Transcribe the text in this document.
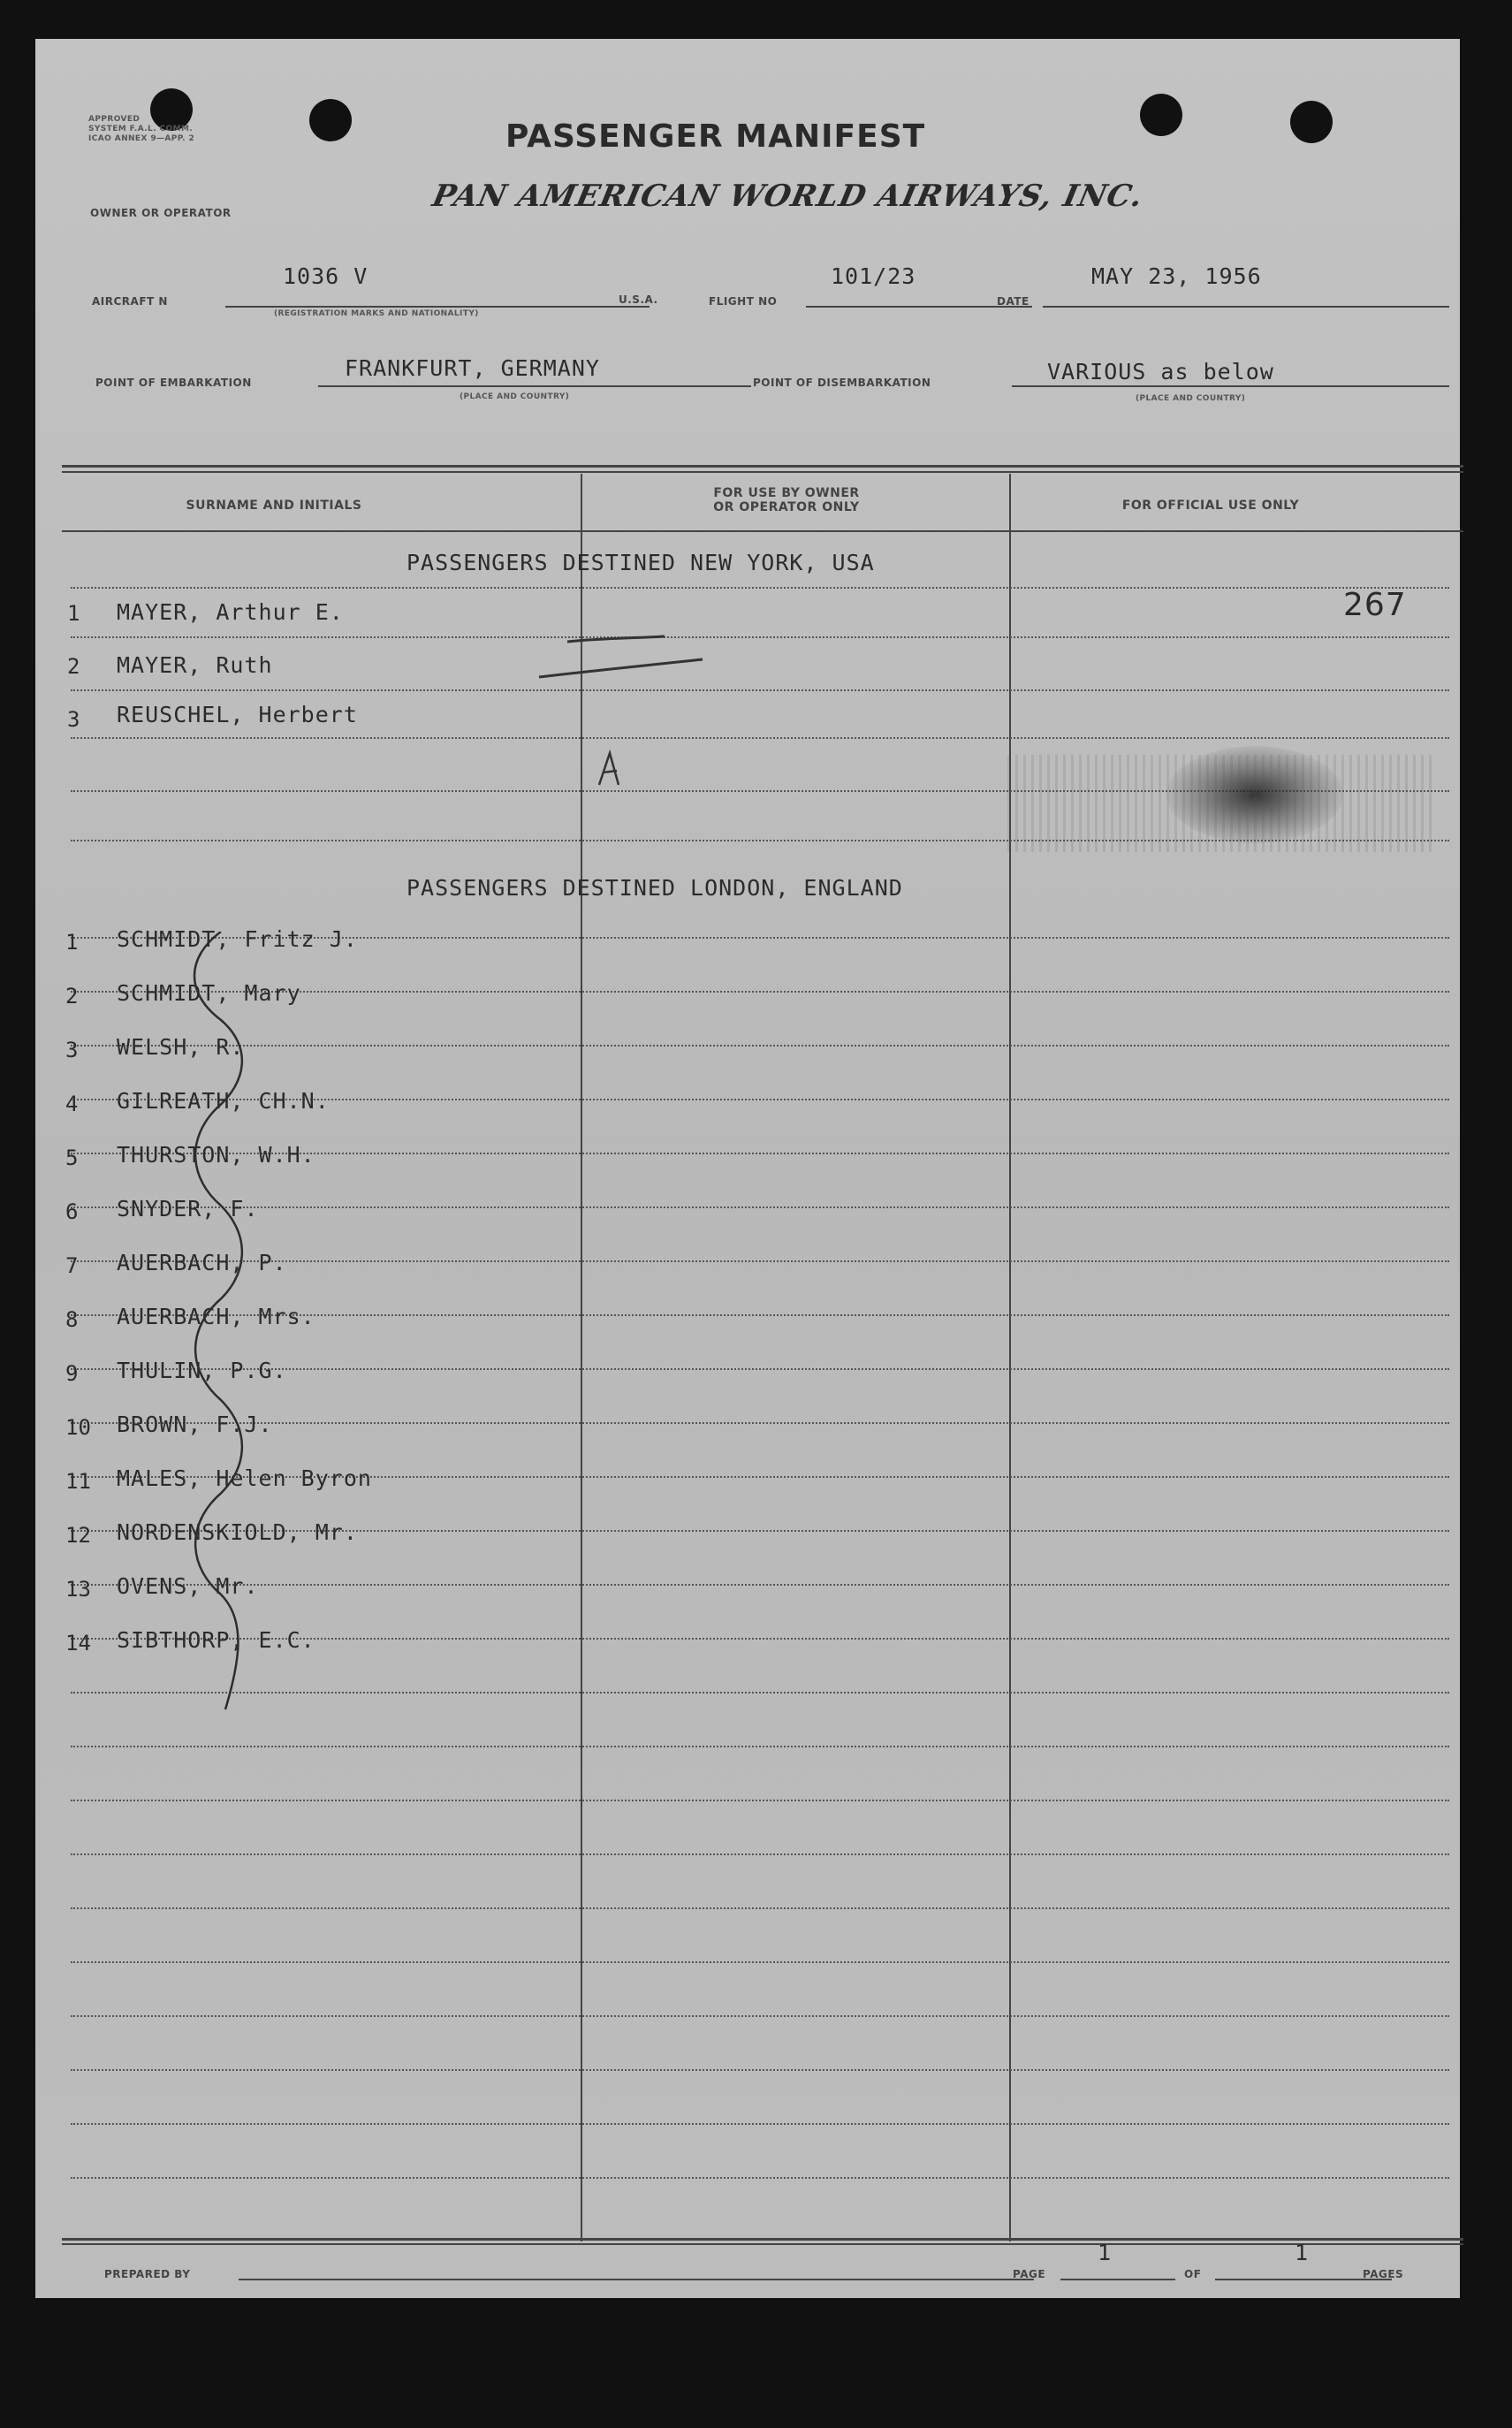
APPROVED
SYSTEM F.A.L. COMM.
ICAO ANNEX 9—APP. 2	PASSENGER MANIFEST
OWNER OR OPERATOR	PAN AMERICAN WORLD AIRWAYS, INC.
AIRCRAFT N
1036 V
(REGISTRATION MARKS AND NATIONALITY)
U.S.A.	FLIGHT NO
101/23
DATE
MAY 23, 1956
POINT OF EMBARKATION
FRANKFURT, GERMANY
(PLACE AND COUNTRY)
POINT OF DISEMBARKATION	VARIOUS as below
(PLACE AND COUNTRY)
SURNAME AND INITIALS
FOR USE BY OWNER
OR OPERATOR ONLY	FOR OFFICIAL USE ONLY
PASSENGERS DESTINED NEW YORK, USA
1 MAYER, Arthur E.
2 MAYER, Ruth
3 REUSCHEL, Herbert
267
PASSENGERS DESTINED LONDON, ENGLAND
1 SCHMIDT, Fritz J.
2 SCHMIDT, Mary
3 WELSH, R.
4 GILREATH, CH.N.
5 THURSTON, W.H.
6 SNYDER, F.
7 AUERBACH, P.
8 AUERBACH, Mrs.
9 THULIN, P.G.
10 BROWN, F.J.
11 MALES, Helen Byron
12 NORDENSKIOLD, Mr.
13 OVENS, Mr.
14 SIBTHORP, E.C.
PREPARED BY	PAGE
1
OF
1
PAGES
